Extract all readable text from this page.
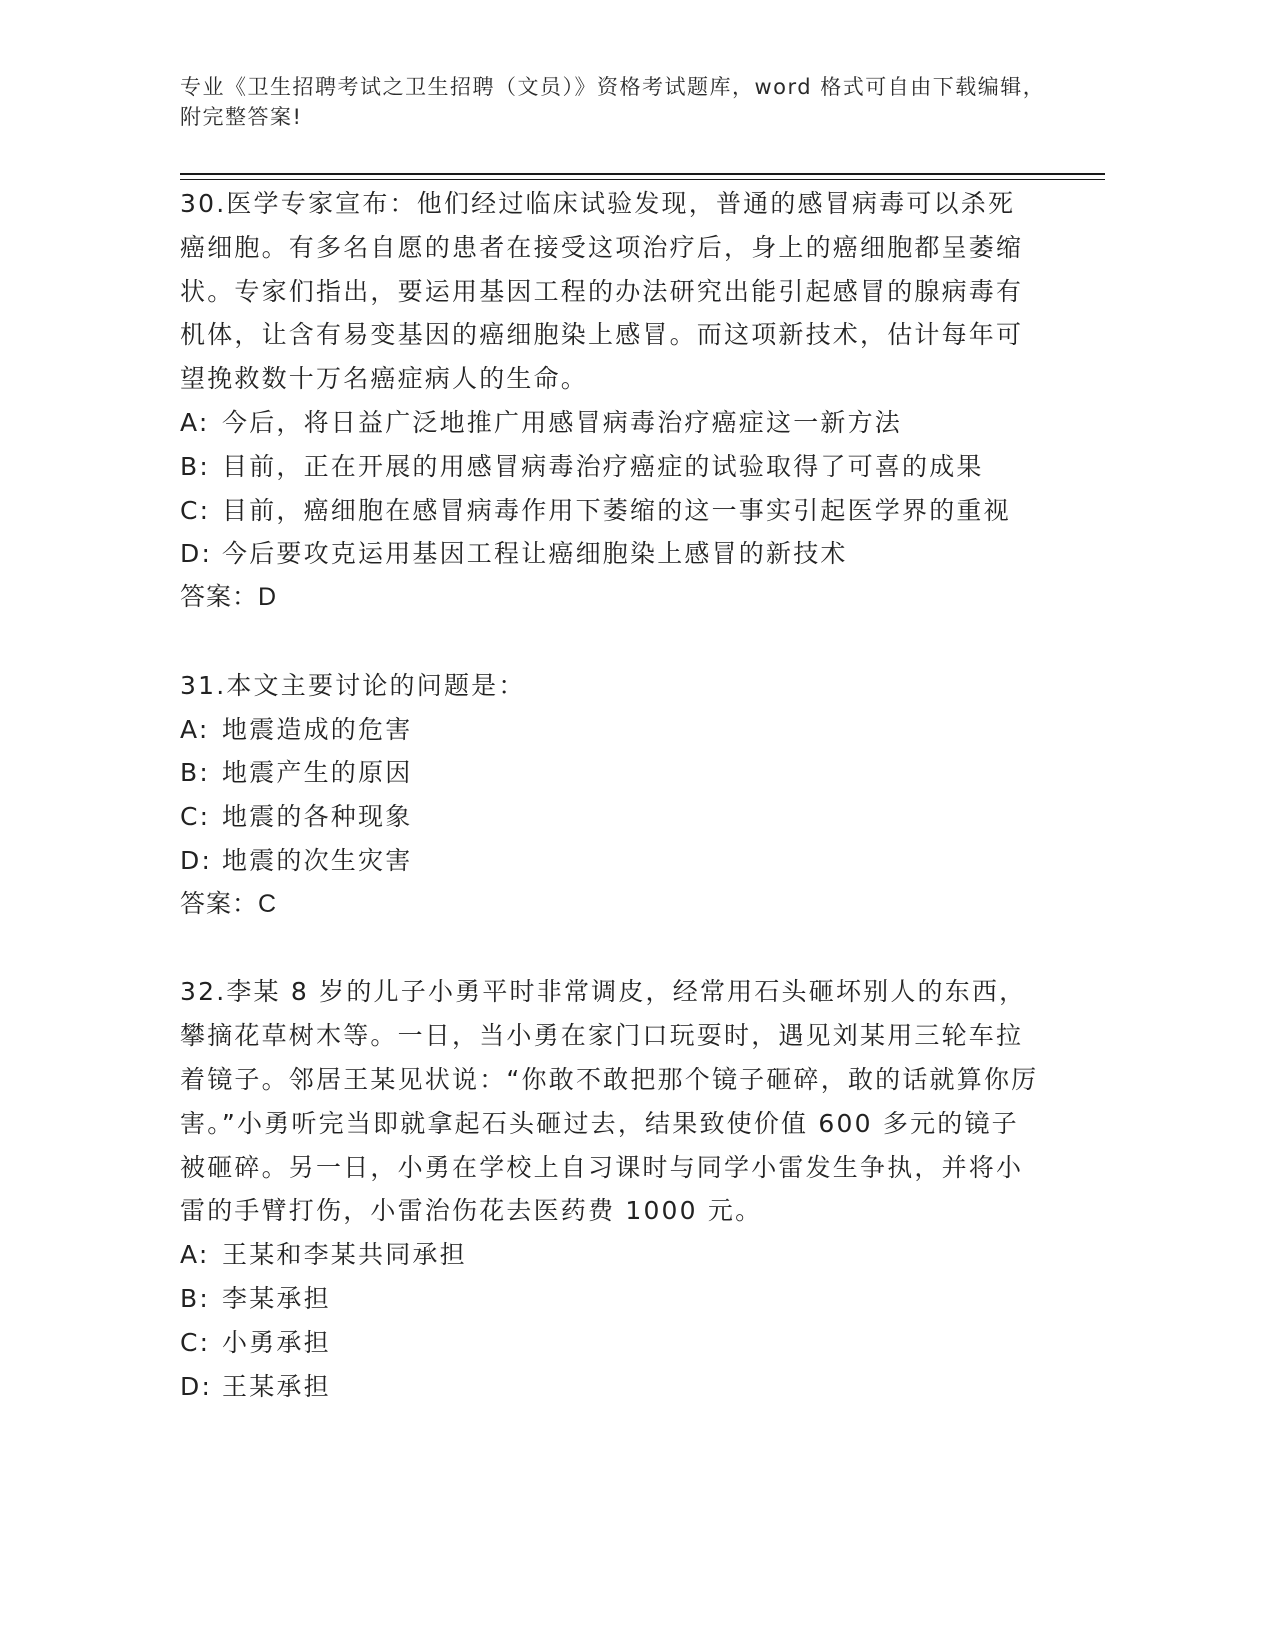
专业《卫生招聘考试之卫生招聘（文员）》资格考试题库，word 格式可自由下载编辑，附完整答案!

30.医学专家宣布：他们经过临床试验发现，普通的感冒病毒可以杀死癌细胞。有多名自愿的患者在接受这项治疗后，身上的癌细胞都呈萎缩状。专家们指出，要运用基因工程的办法研究出能引起感冒的腺病毒有机体，让含有易变基因的癌细胞染上感冒。而这项新技术，估计每年可望挽救数十万名癌症病人的生命。

A: 今后，将日益广泛地推广用感冒病毒治疗癌症这一新方法

B: 目前，正在开展的用感冒病毒治疗癌症的试验取得了可喜的成果

C: 目前，癌细胞在感冒病毒作用下萎缩的这一事实引起医学界的重视

D: 今后要攻克运用基因工程让癌细胞染上感冒的新技术

答案：D

31.本文主要讨论的问题是：

A: 地震造成的危害

B: 地震产生的原因

C: 地震的各种现象

D: 地震的次生灾害

答案：C

32.李某 8 岁的儿子小勇平时非常调皮，经常用石头砸坏别人的东西，攀摘花草树木等。一日，当小勇在家门口玩耍时，遇见刘某用三轮车拉着镜子。邻居王某见状说：“你敢不敢把那个镜子砸碎，敢的话就算你厉害。”小勇听完当即就拿起石头砸过去，结果致使价值 600 多元的镜子被砸碎。另一日，小勇在学校上自习课时与同学小雷发生争执，并将小雷的手臂打伤，小雷治伤花去医药费 1000 元。

A: 王某和李某共同承担

B: 李某承担

C: 小勇承担

D: 王某承担
